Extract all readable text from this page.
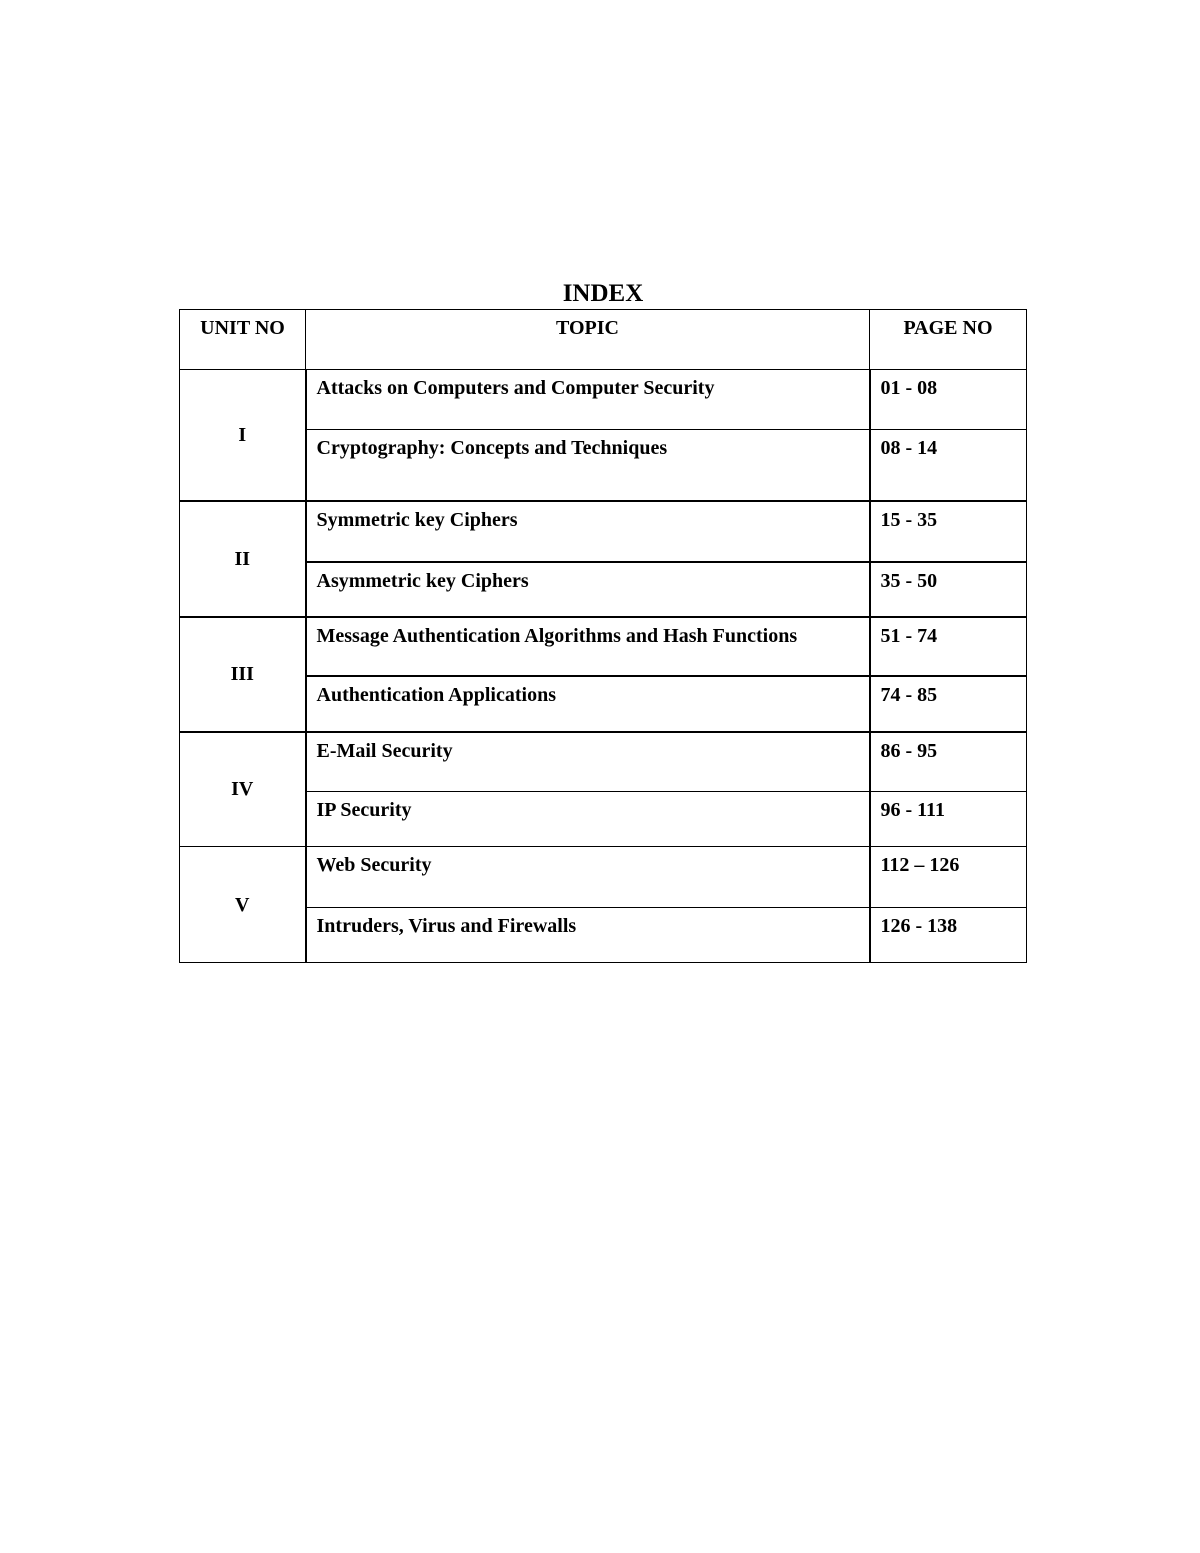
INDEX
UNIT NO	TOPIC	PAGE NO
I	Attacks on Computers and Computer Security	01 - 08
	Cryptography: Concepts and Techniques	08 - 14
II	Symmetric key Ciphers	15 - 35
	Asymmetric key Ciphers	35 - 50
III	Message Authentication Algorithms and Hash Functions	51 - 74
	Authentication Applications	74 - 85
IV	E-Mail Security	86 - 95
	IP Security	96 - 111
V	Web Security	112 – 126
	Intruders, Virus and Firewalls	126 - 138
